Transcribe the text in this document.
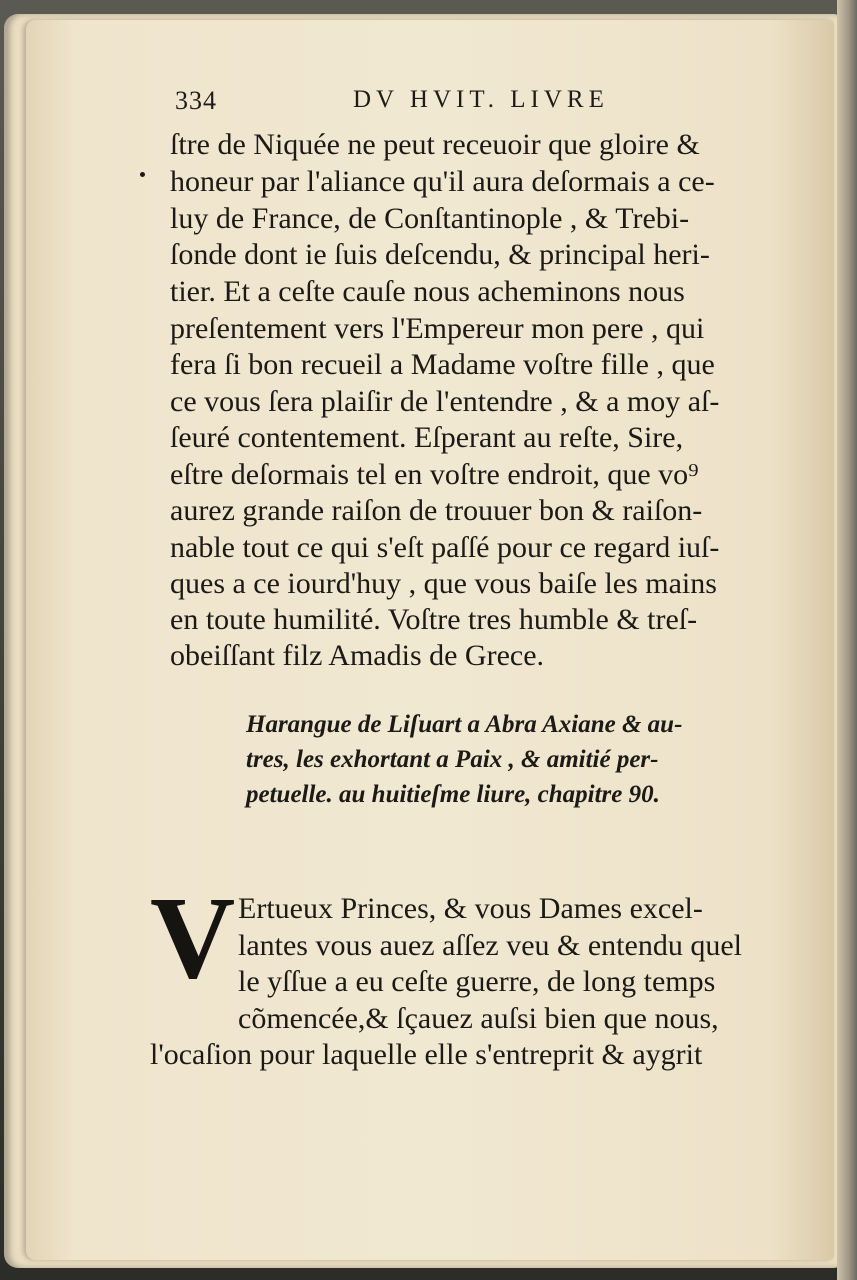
334	DV HVIT. LIVRE
ſtre de Niquée ne peut receuoir que gloire &
honeur par l'aliance qu'il aura deſormais a ce-
luy de France, de Conſtantinople , & Trebi-
ſonde dont ie ſuis deſcendu, & principal heri-
tier. Et a ceſte cauſe nous acheminons nous
preſentement vers l'Empereur mon pere , qui
fera ſi bon recueil a Madame voſtre fille , que
ce vous ſera plaiſir de l'entendre , & a moy aſ-
ſeuré contentement. Eſperant au reſte, Sire,
eſtre deſormais tel en voſtre endroit, que vo⁹
aurez grande raiſon de trouuer bon & raiſon-
nable tout ce qui s'eſt paſſé pour ce regard iuſ-
ques a ce iourd'huy , que vous baiſe les mains
en toute humilité. Voſtre tres humble & treſ-
obeiſſant filz Amadis de Grece.
Harangue de Liſuart a Abra Axiane & au-
tres, les exhortant a Paix , & amitié per-
petuelle. au huitieſme liure, chapitre 90.
V Ertueux Princes, & vous Dames excel-
lantes vous auez aſſez veu & entendu quel
le yſſue a eu ceſte guerre, de long temps
cõmencée,& ſçauez auſsi bien que nous,
l'ocaſion pour laquelle elle s'entreprit & aygrit
